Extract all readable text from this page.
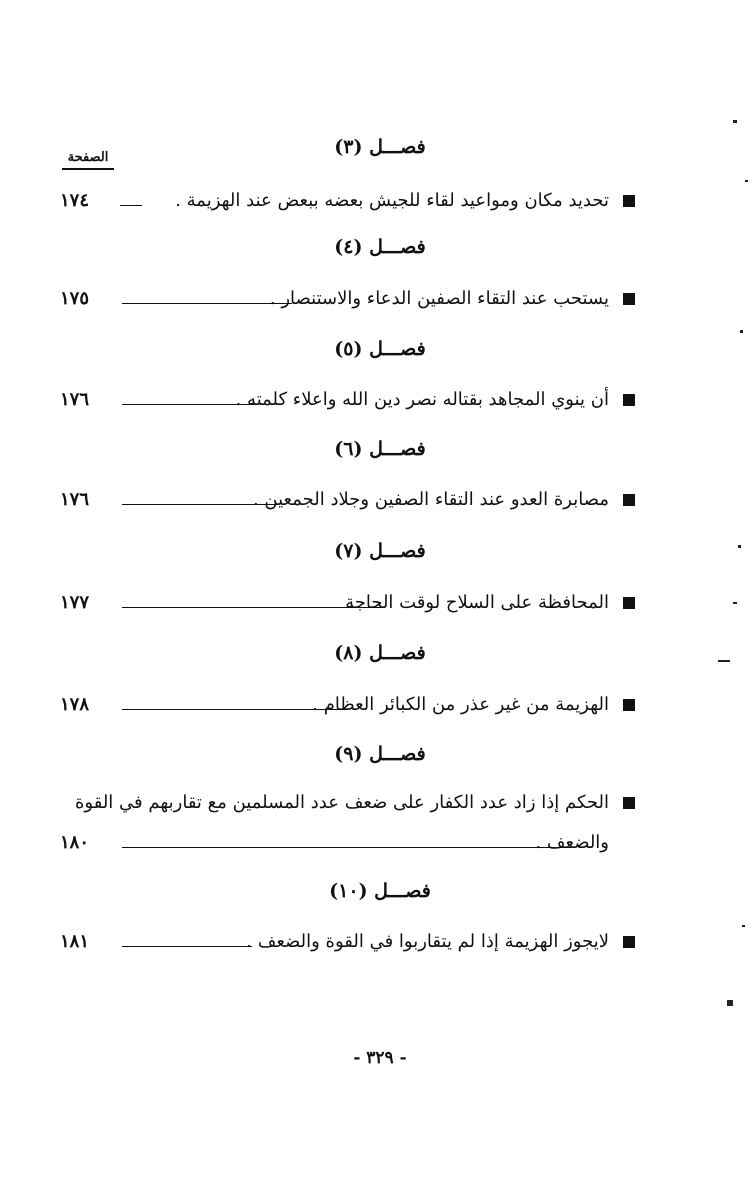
الصفحة	فصـــل (٣)
تحديد مكان ومواعيد لقاء للجيش بعضه ببعض عند الهزيمة .
١٧٤
فصـــل (٤)
يستحب عند التقاء الصفين الدعاء والاستنصار .
١٧٥
فصـــل (٥)
أن ينوي المجاهد بقتاله نصر دين الله واعلاء كلمته .
١٧٦
فصـــل (٦)
مصابرة العدو عند التقاء الصفين وجلاد الجمعين .
١٧٦
فصـــل (٧)
المحافظة على السلاح لوقت الحاجة
١٧٧
فصـــل (٨)
الهزيمة من غير عذر من الكبائر العظام .
١٧٨
فصـــل (٩)
الحكم إذا زاد عدد الكفار على ضعف عدد المسلمين مع تقاربهم في القوة
والضعف .
١٨٠
فصـــل (١٠)
لايجوز الهزيمة إذا لم يتقاربوا في القوة والضعف .
١٨١
- ٣٢٩ -
